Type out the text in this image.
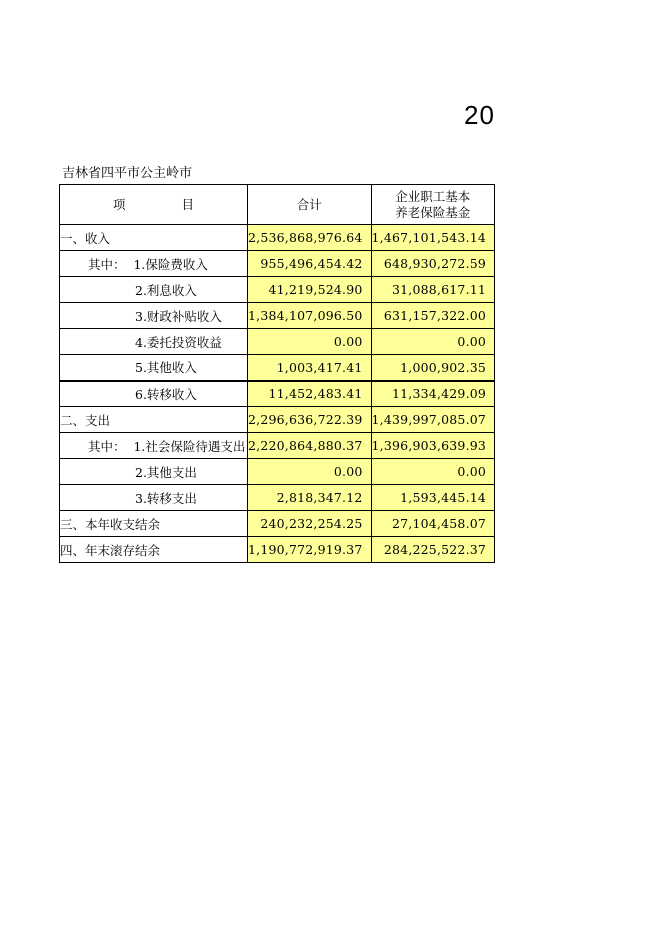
20
吉林省四平市公主岭市
项 目	合计	企业职工基本
养老保险基金

一、收入	2,536,868,976.64	1,467,101,543.14
其中：  1.保险费收入	955,496,454.42	648,930,272.59
2.利息收入	41,219,524.90	31,088,617.11
3.财政补贴收入	1,384,107,096.50	631,157,322.00
4.委托投资收益	0.00	0.00
5.其他收入	1,003,417.41	1,000,902.35
6.转移收入	11,452,483.41	11,334,429.09
二、支出	2,296,636,722.39	1,439,997,085.07
其中：  1.社会保险待遇支出	2,220,864,880.37	1,396,903,639.93
2.其他支出	0.00	0.00
3.转移支出	2,818,347.12	1,593,445.14
三、本年收支结余	240,232,254.25	27,104,458.07
四、年末滚存结余	1,190,772,919.37	284,225,522.37
